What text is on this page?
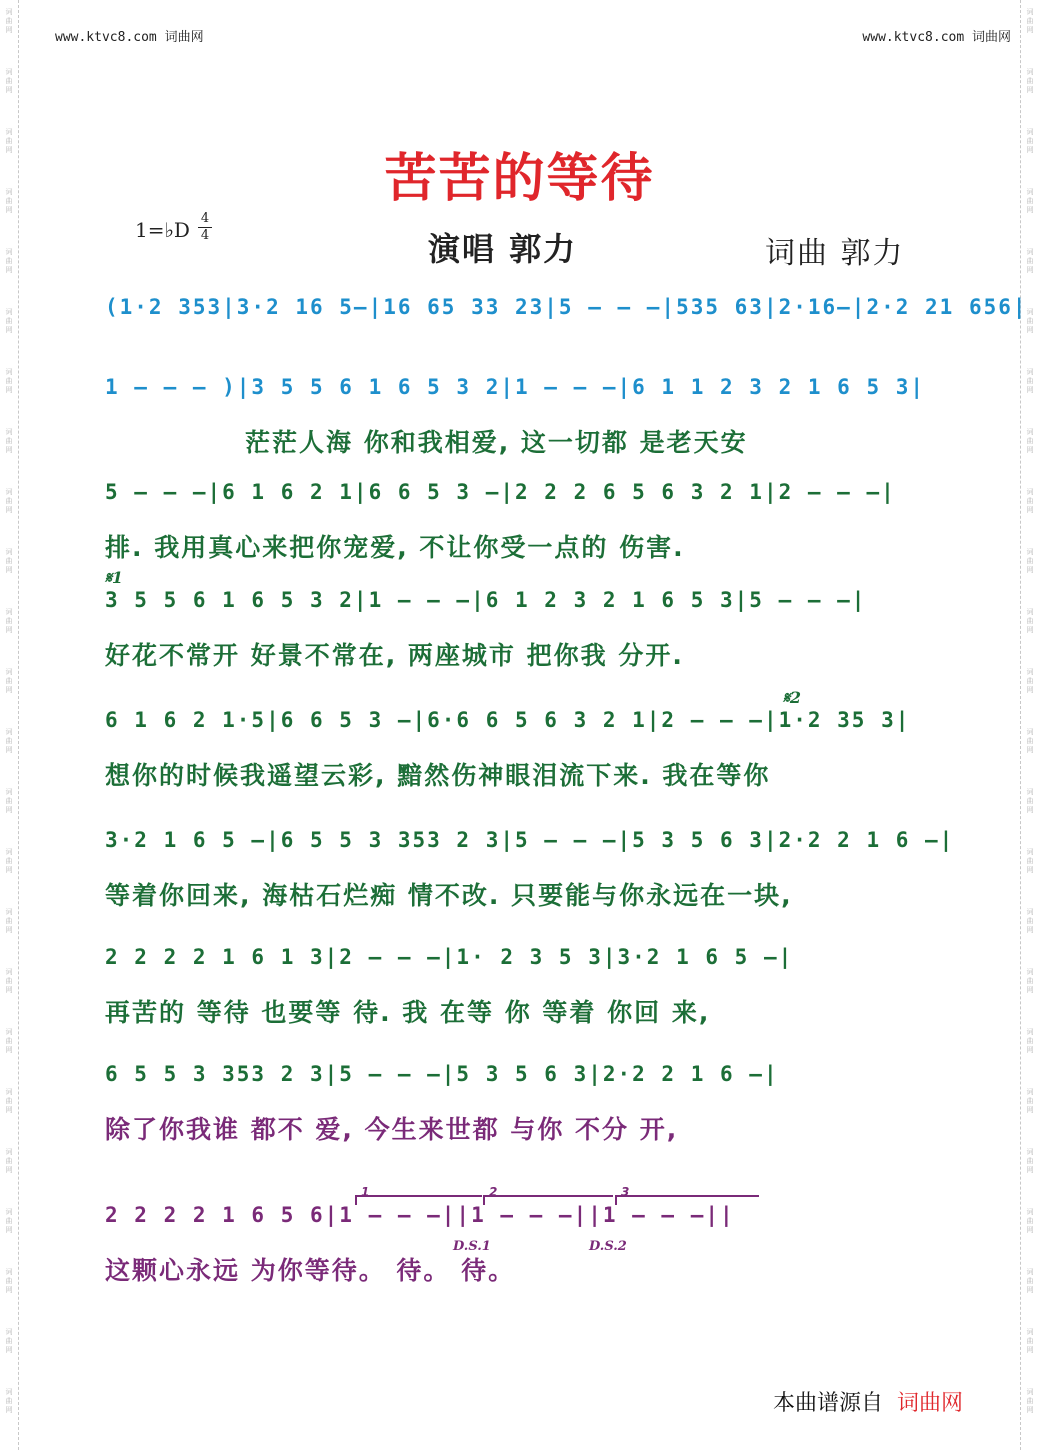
词
曲
网
词
曲
网
词
曲
网
词
曲
网
词
曲
网
词
曲
网
词
曲
网
词
曲
网
词
曲
网
词
曲
网
词
曲
网
词
曲
网
词
曲
网
词
曲
网
词
曲
网
词
曲
网
词
曲
网
词
曲
网
词
曲
网
词
曲
网
词
曲
网
词
曲
网
词
曲
网
词
曲
网
词
曲
网
词
曲
网
词
曲
网
词
曲
网
词
曲
网
词
曲
网
词
曲
网
词
曲
网
词
曲
网
词
曲
网
词
曲
网
词
曲
网
词
曲
网
词
曲
网
词
曲
网
词
曲
网
词
曲
网
词
曲
网
词
曲
网
词
曲
网
词
曲
网
词
曲
网
词
曲
网
词
曲
网
www.ktvc8.com 词曲网	www.ktvc8.com 词曲网
苦苦的等待
1=♭D 4
4	演唱 郭力	词曲 郭力
(1·2 353|3·2 16 5–|16 65 33 23|5 – – –|535 63|2·16–|2·2 21 656|
1 – – – )|3 5 5 6 1 6 5 3 2|1 – – –|6 1 1 2 3 2 1 6 5 3|
茫茫人海 你和我相爱, 这一切都 是老天安
5 – – –|6 1 6 2 1|6 6 5 3 –|2 2 2 6 5 6 3 2 1|2 – – –|
排. 我用真心来把你宠爱, 不让你受一点的 伤害.
𝄋1
3 5 5 6 1 6 5 3 2|1 – – –|6 1 2 3 2 1 6 5 3|5 – – –|
好花不常开 好景不常在, 两座城市 把你我 分开.
𝄋2
6 1 6 2 1·5|6 6 5 3 –|6·6 6 5 6 3 2 1|2 – – –|1·2 35 3|
想你的时候我遥望云彩, 黯然伤神眼泪流下来. 我在等你
3·2 1 6 5 –|6 5 5 3 353 2 3|5 – – –|5 3 5 6 3|2·2 2 1 6 –|
等着你回来, 海枯石烂痴 情不改. 只要能与你永远在一块,
2 2 2 2 1 6 1 3|2 – – –|1· 2 3 5 3|3·2 1 6 5 –|
再苦的 等待 也要等 待. 我 在等 你 等着 你回 来,
6 5 5 3 353 2 3|5 – – –|5 3 5 6 3|2·2 2 1 6 –|
除了你我谁 都不 爱, 今生来世都 与你 不分 开,
1	2	3
2 2 2 2 1 6 5 6|1 – – –||1 – – –||1 – – –||
这颗心永远 为你等待。 待。 待。
D.S.1	D.S.2
本曲谱源自 词曲网
